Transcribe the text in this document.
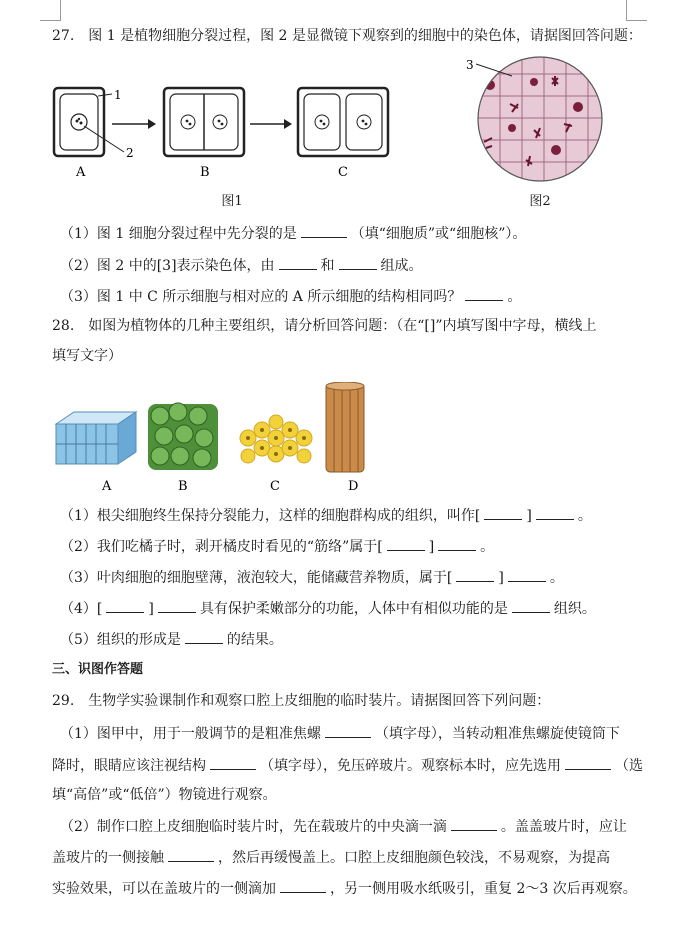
27.　图 1 是植物细胞分裂过程，图 2 是显微镜下观察到的细胞中的染色体，请据图回答问题：
1
2
A	B	C
图1
3
图2
（1）图 1 细胞分裂过程中先分裂的是	（填“细胞质”或“细胞核”）。
（2）图 2 中的[3]表示染色体，由	和	组成。
（3）图 1 中 C 所示细胞与相对应的 A 所示细胞的结构相同吗？	。
28.　如图为植物体的几种主要组织，请分析回答问题：（在“[]”内填写图中字母，横线上
填写文字）
A	B	C	D
（1）根尖细胞终生保持分裂能力，这样的细胞群构成的组织，叫作[	]	。
（2）我们吃橘子时，剥开橘皮时看见的“筋络”属于[	]	。
（3）叶肉细胞的细胞壁薄，液泡较大，能储藏营养物质，属于[	]	。
（4）[	]	具有保护柔嫩部分的功能，人体中有相似功能的是	组织。
（5）组织的形成是	的结果。
三、识图作答题
29.　生物学实验课制作和观察口腔上皮细胞的临时装片。请据图回答下列问题：
（1）图甲中，用于一般调节的是粗准焦螺	（填字母），当转动粗准焦螺旋使镜筒下
降时，眼睛应该注视结构	（填字母），免压碎玻片。观察标本时，应先选用	（选
填“高倍”或“低倍”）物镜进行观察。
（2）制作口腔上皮细胞临时装片时，先在载玻片的中央滴一滴	。盖盖玻片时，应让
盖玻片的一侧接触	，然后再缓慢盖上。口腔上皮细胞颜色较浅，不易观察，为提高
实验效果，可以在盖玻片的一侧滴加	，另一侧用吸水纸吸引，重复 2～3 次后再观察。
